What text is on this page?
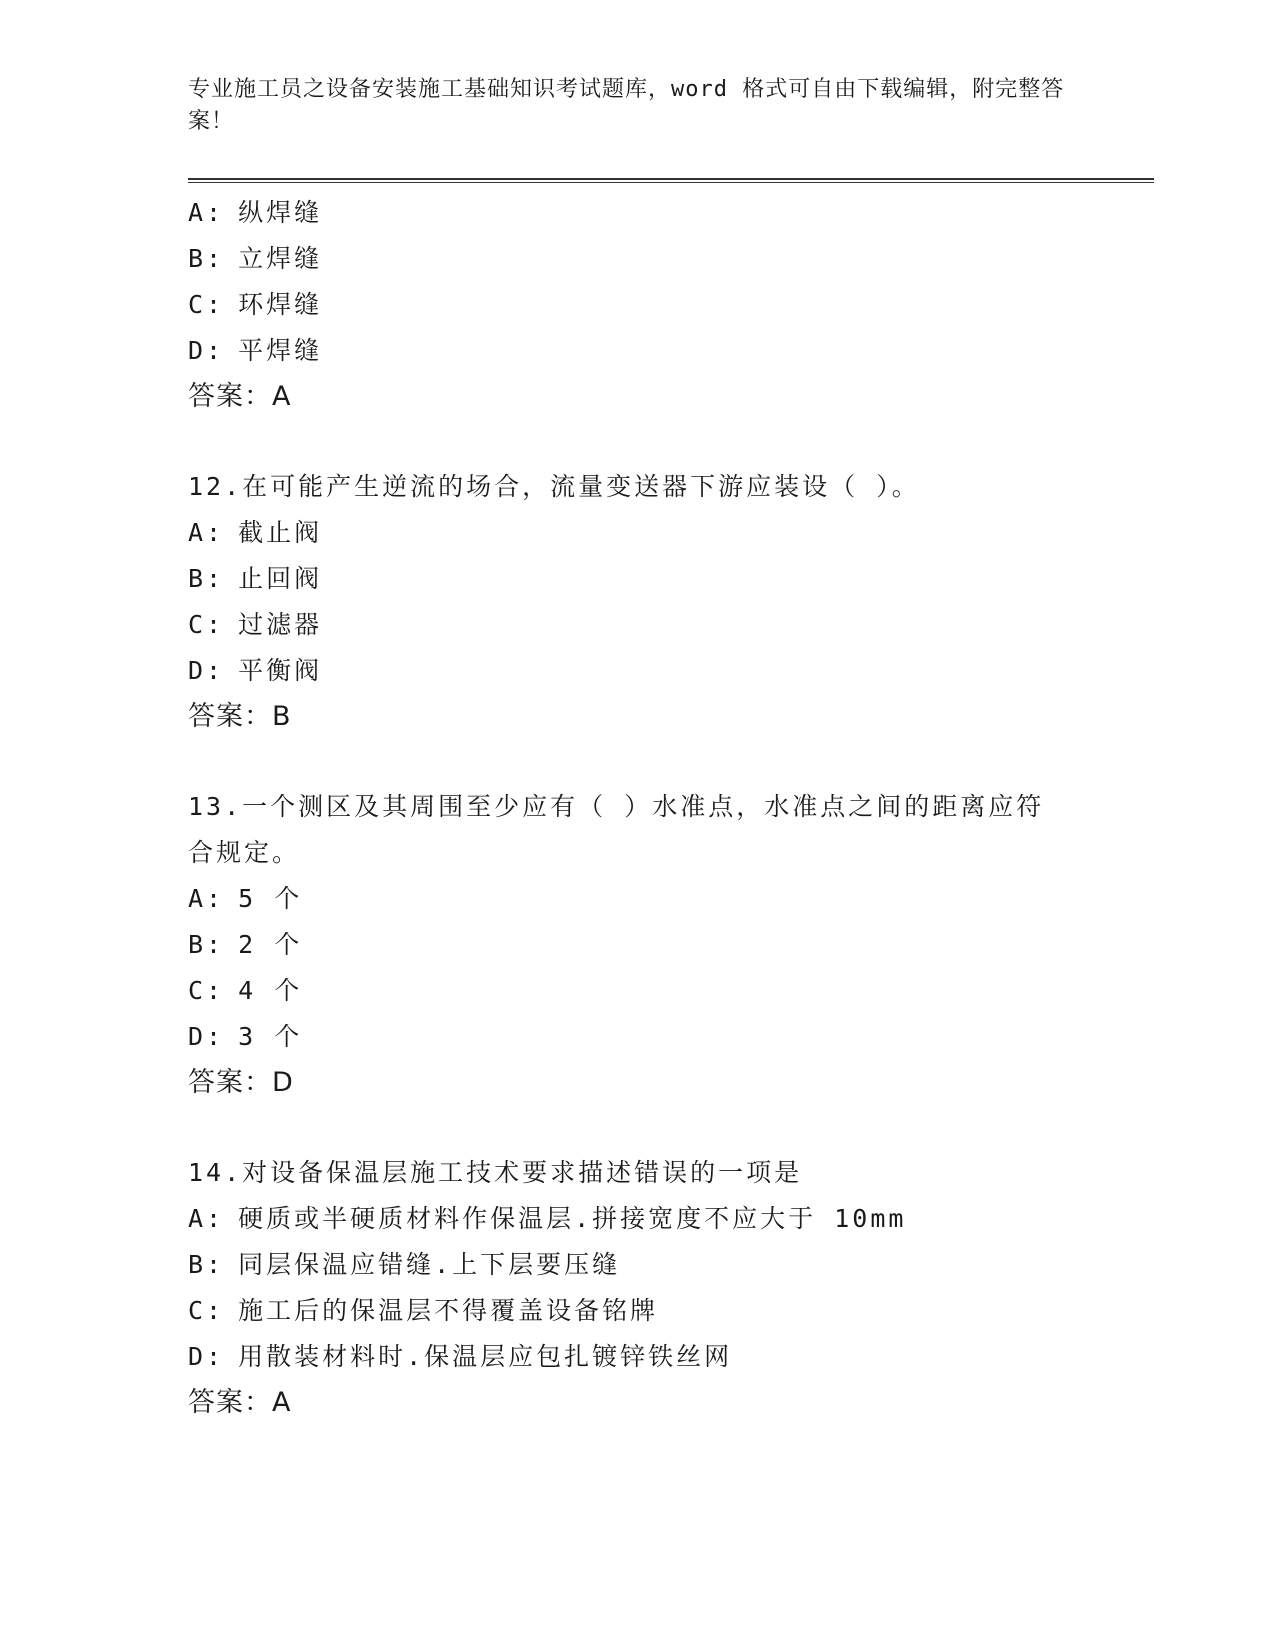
专业施工员之设备安装施工基础知识考试题库，word 格式可自由下载编辑，附完整答案！
A: 纵焊缝
B: 立焊缝
C: 环焊缝
D: 平焊缝
答案：A
12.在可能产生逆流的场合，流量变送器下游应装设（ ）。
A: 截止阀
B: 止回阀
C: 过滤器
D: 平衡阀
答案：B
13.一个测区及其周围至少应有（ ）水准点，水准点之间的距离应符合规定。
A: 5 个
B: 2 个
C: 4 个
D: 3 个
答案：D
14.对设备保温层施工技术要求描述错误的一项是
A: 硬质或半硬质材料作保温层.拼接宽度不应大于 10mm
B: 同层保温应错缝.上下层要压缝
C: 施工后的保温层不得覆盖设备铭牌
D: 用散装材料时.保温层应包扎镀锌铁丝网
答案：A
